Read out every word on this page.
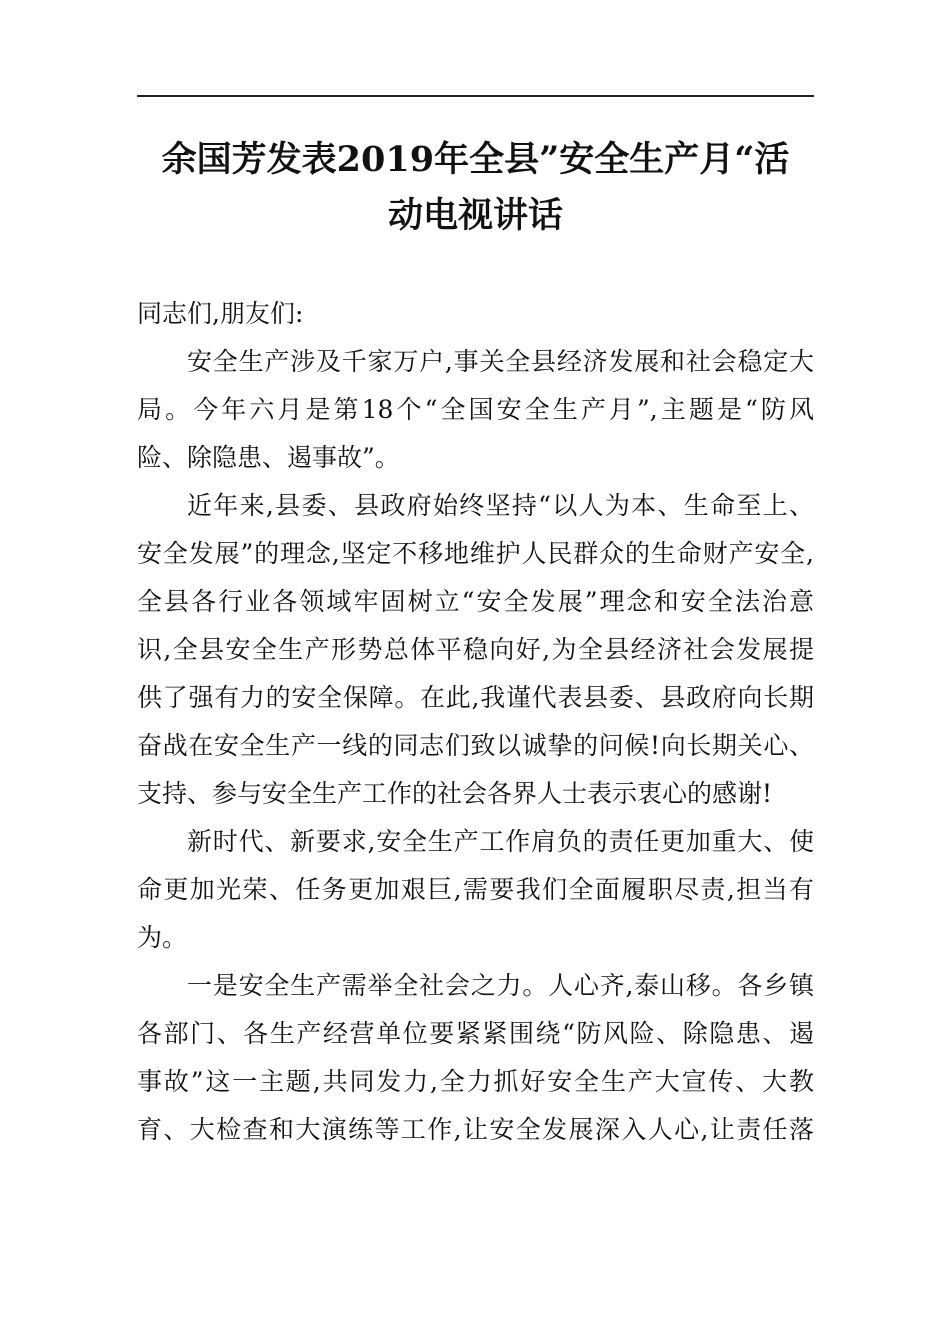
余国芳发表2019年全县”安全生产月“活
动电视讲话

同志们,朋友们:

安全生产涉及千家万户,事关全县经济发展和社会稳定大
局。今年六月是第18个“全国安全生产月”,主题是“防风
险、除隐患、遏事故”。

近年来,县委、县政府始终坚持“以人为本、生命至上、
安全发展”的理念,坚定不移地维护人民群众的生命财产安全,
全县各行业各领域牢固树立“安全发展”理念和安全法治意
识,全县安全生产形势总体平稳向好,为全县经济社会发展提
供了强有力的安全保障。在此,我谨代表县委、县政府向长期
奋战在安全生产一线的同志们致以诚挚的问候!向长期关心、
支持、参与安全生产工作的社会各界人士表示衷心的感谢!

新时代、新要求,安全生产工作肩负的责任更加重大、使
命更加光荣、任务更加艰巨,需要我们全面履职尽责,担当有
为。

一是安全生产需举全社会之力。人心齐,泰山移。各乡镇
各部门、各生产经营单位要紧紧围绕“防风险、除隐患、遏
事故”这一主题,共同发力,全力抓好安全生产大宣传、大教
育、大检查和大演练等工作,让安全发展深入人心,让责任落
